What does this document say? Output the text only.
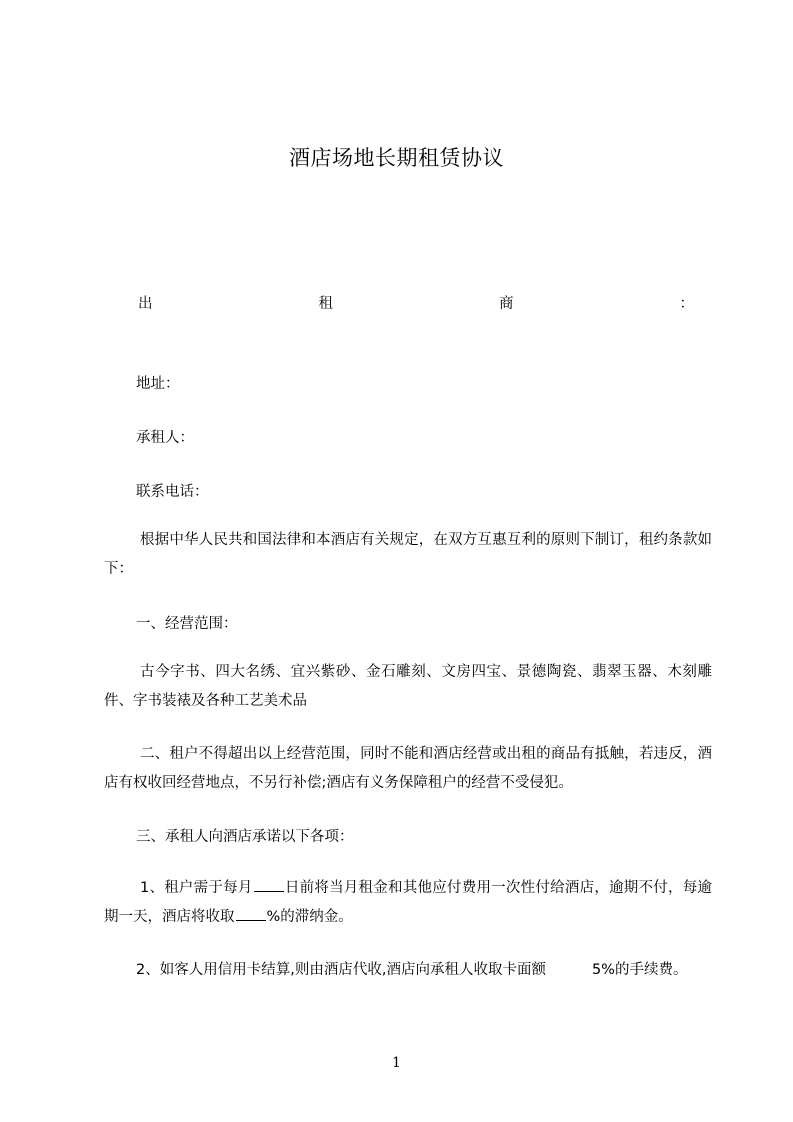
酒店场地长期租赁协议
出	租	商	：
地址：
承租人：
联系电话：
根据中华人民共和国法律和本酒店有关规定，在双方互惠互利的原则下制订，租约条款如下：
一、经营范围：
古今字书、四大名绣、宜兴紫砂、金石雕刻、文房四宝、景德陶瓷、翡翠玉器、木刻雕件、字书装裱及各种工艺美术品
二、租户不得超出以上经营范围，同时不能和酒店经营或出租的商品有抵触，若违反，酒店有权收回经营地点，不另行补偿;酒店有义务保障租户的经营不受侵犯。
三、承租人向酒店承诺以下各项：
1、租户需于每月 日前将当月租金和其他应付费用一次性付给酒店，逾期不付，每逾期一天，酒店将收取 %的滞纳金。
2、如客人用信用卡结算,则由酒店代收,酒店向承租人收取卡面额	5%的手续费。
1
